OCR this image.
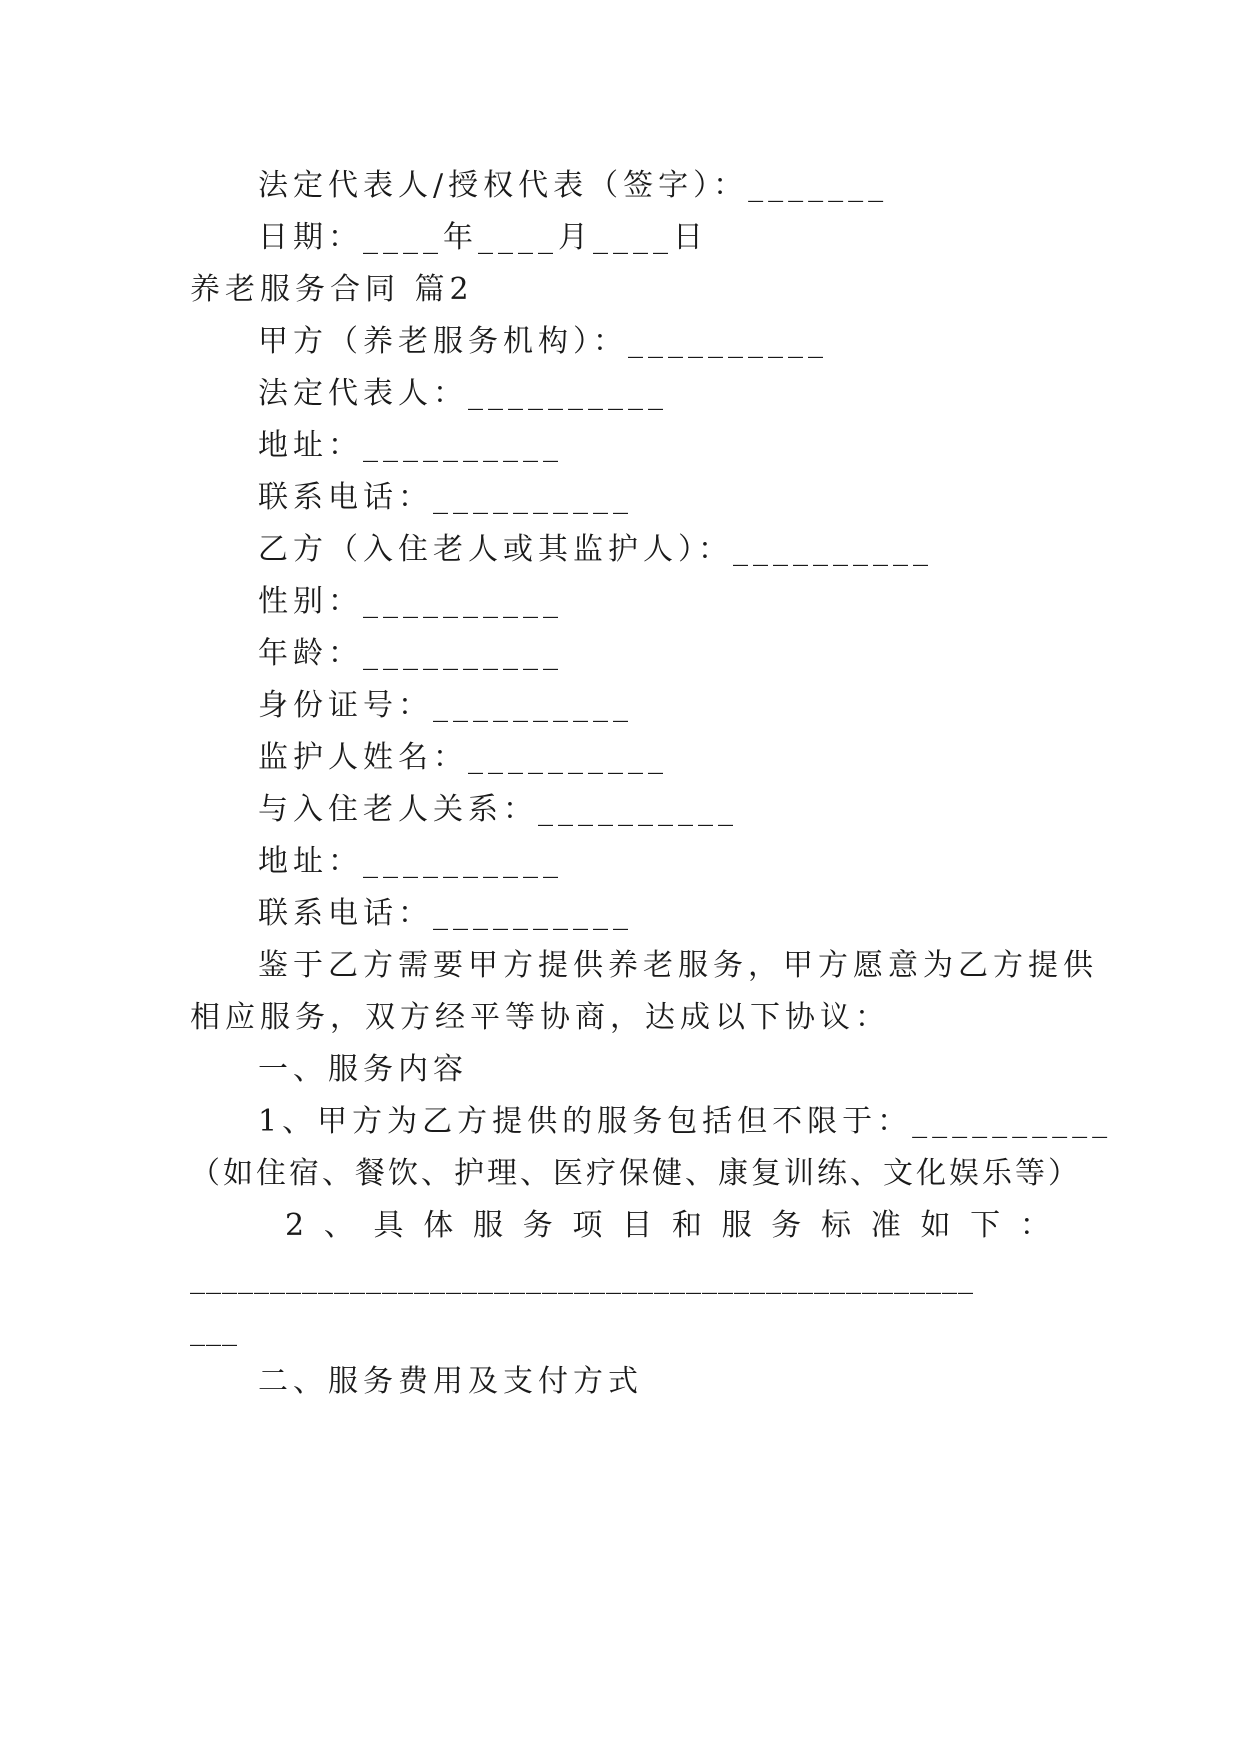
法定代表人/授权代表（签字）：_______
日期：____年____月____日
养老服务合同 篇2
甲方（养老服务机构）：__________
法定代表人：__________
地址：__________
联系电话：__________
乙方（入住老人或其监护人）：__________
性别：__________
年龄：__________
身份证号：__________
监护人姓名：__________
与入住老人关系：__________
地址：__________
联系电话：__________
鉴于乙方需要甲方提供养老服务，甲方愿意为乙方提供
相应服务，双方经平等协商，达成以下协议：
一、服务内容
1、甲方为乙方提供的服务包括但不限于：__________
（如住宿、餐饮、护理、医疗保健、康复训练、文化娱乐等）
2 、 具 体 服 务 项 目 和 服 务 标 准 如 下 ：
_________________________________________________
___
二、服务费用及支付方式
